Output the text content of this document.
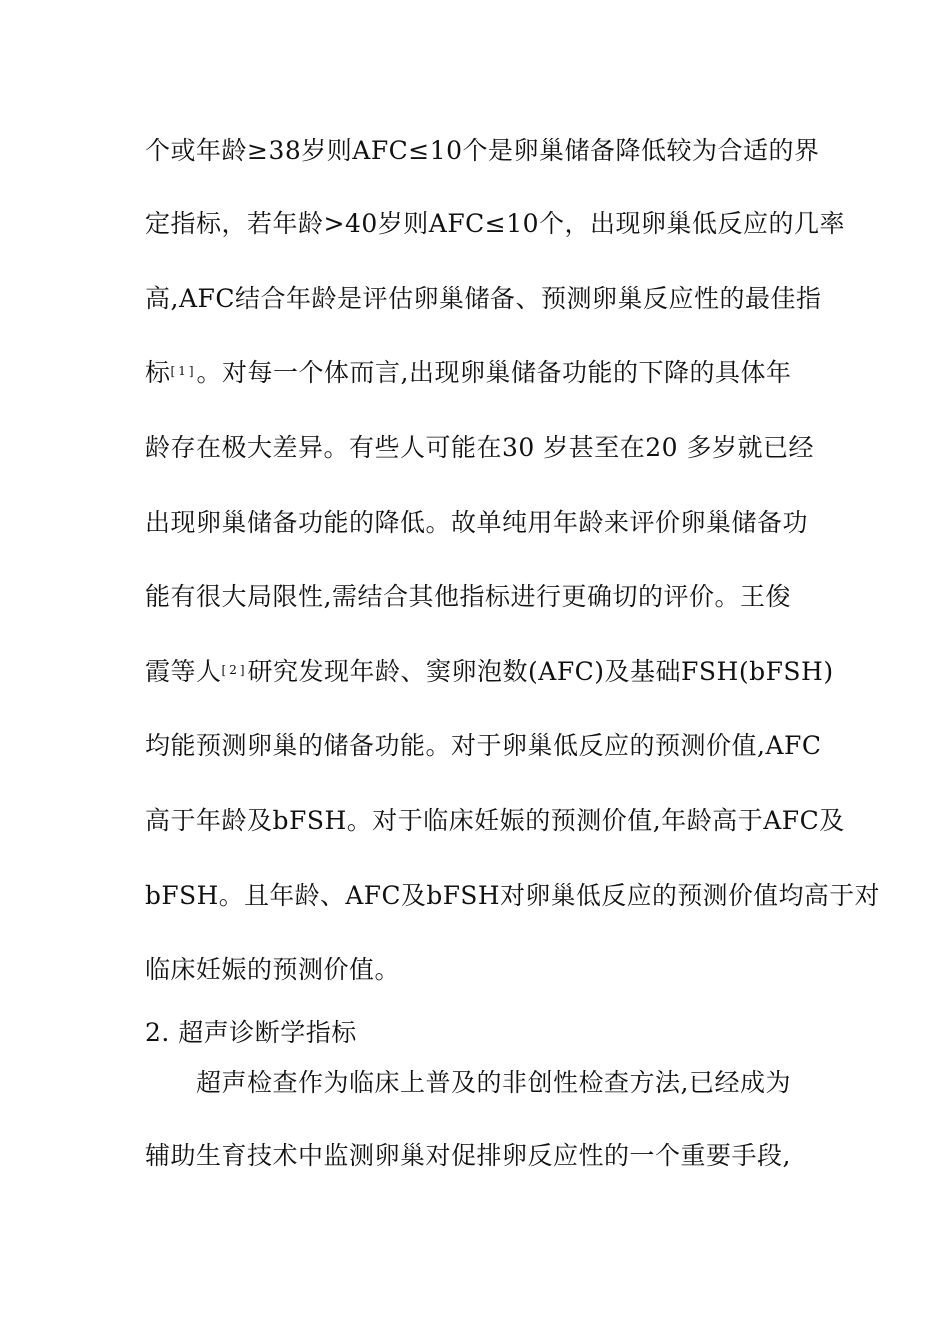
个或年龄≥38岁则AFC≤10个是卵巢储备降低较为合适的界
定指标，若年龄>40岁则AFC≤10个，出现卵巢低反应的几率
高,AFC结合年龄是评估卵巢储备、预测卵巢反应性的最佳指
标[1]。对每一个体而言,出现卵巢储备功能的下降的具体年
龄存在极大差异。有些人可能在30 岁甚至在20 多岁就已经
出现卵巢储备功能的降低。故单纯用年龄来评价卵巢储备功
能有很大局限性,需结合其他指标进行更确切的评价。王俊
霞等人[2]研究发现年龄、窦卵泡数(AFC)及基础FSH(bFSH)
均能预测卵巢的储备功能。对于卵巢低反应的预测价值,AFC
高于年龄及bFSH。对于临床妊娠的预测价值,年龄高于AFC及
bFSH。且年龄、AFC及bFSH对卵巢低反应的预测价值均高于对
临床妊娠的预测价值。
2. 超声诊断学指标
超声检查作为临床上普及的非创性检查方法,已经成为
辅助生育技术中监测卵巢对促排卵反应性的一个重要手段,
